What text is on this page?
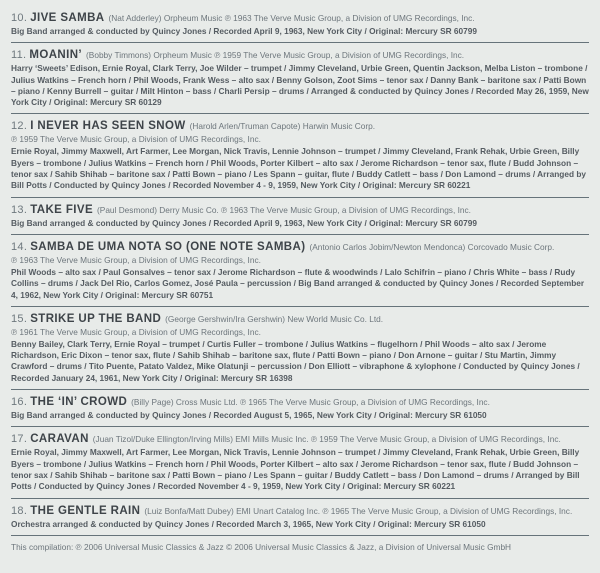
10. JIVE SAMBA (Nat Adderley) Orpheum Music ℗ 1963 The Verve Music Group, a Division of UMG Recordings, Inc.
Big Band arranged & conducted by Quincy Jones / Recorded April 9, 1963, New York City / Original: Mercury SR 60799
11. MOANIN’ (Bobby Timmons) Orpheum Music ℗ 1959 The Verve Music Group, a Division of UMG Recordings, Inc.
Harry ‘Sweets’ Edison, Ernie Royal, Clark Terry, Joe Wilder – trumpet / Jimmy Cleveland, Urbie Green, Quentin Jackson, Melba Liston – trombone / Julius Watkins – French horn / Phil Woods, Frank Wess – alto sax / Benny Golson, Zoot Sims – tenor sax / Danny Bank – baritone sax / Patti Bown – piano / Kenny Burrell – guitar / Milt Hinton – bass / Charli Persip – drums / Arranged & conducted by Quincy Jones / Recorded May 26, 1959, New York City / Original: Mercury SR 60129
12. I NEVER HAS SEEN SNOW (Harold Arlen/Truman Capote) Harwin Music Corp.
℗ 1959 The Verve Music Group, a Division of UMG Recordings, Inc.
Ernie Royal, Jimmy Maxwell, Art Farmer, Lee Morgan, Nick Travis, Lennie Johnson – trumpet / Jimmy Cleveland, Frank Rehak, Urbie Green, Billy Byers – trombone / Julius Watkins – French horn / Phil Woods, Porter Kilbert – alto sax / Jerome Richardson – tenor sax, flute / Budd Johnson – tenor sax / Sahib Shihab – baritone sax / Patti Bown – piano / Les Spann – guitar, flute / Buddy Catlett – bass / Don Lamond – drums / Arranged by Bill Potts / Conducted by Quincy Jones / Recorded November 4 - 9, 1959, New York City / Original: Mercury SR 60221
13. TAKE FIVE (Paul Desmond) Derry Music Co. ℗ 1963 The Verve Music Group, a Division of UMG Recordings, Inc.
Big Band arranged & conducted by Quincy Jones / Recorded April 9, 1963, New York City / Original: Mercury SR 60799
14. SAMBA DE UMA NOTA SO (ONE NOTE SAMBA) (Antonio Carlos Jobim/Newton Mendonca) Corcovado Music Corp.
℗ 1963 The Verve Music Group, a Division of UMG Recordings, Inc.
Phil Woods – alto sax / Paul Gonsalves – tenor sax / Jerome Richardson – flute & woodwinds / Lalo Schifrin – piano / Chris White – bass / Rudy Collins – drums / Jack Del Rio, Carlos Gomez, José Paula – percussion / Big Band arranged & conducted by Quincy Jones / Recorded September 4, 1962, New York City / Original: Mercury SR 60751
15. STRIKE UP THE BAND (George Gershwin/Ira Gershwin) New World Music Co. Ltd.
℗ 1961 The Verve Music Group, a Division of UMG Recordings, Inc.
Benny Bailey, Clark Terry, Ernie Royal – trumpet / Curtis Fuller – trombone / Julius Watkins – flugelhorn / Phil Woods – alto sax / Jerome Richardson, Eric Dixon – tenor sax, flute / Sahib Shihab – baritone sax, flute / Patti Bown – piano / Don Arnone – guitar / Stu Martin, Jimmy Crawford – drums / Tito Puente, Patato Valdez, Mike Olatunji – percussion / Don Elliott – vibraphone & xylophone / Conducted by Quincy Jones / Recorded January 24, 1961, New York City / Original: Mercury SR 16398
16. THE ‘IN’ CROWD (Billy Page) Cross Music Ltd. ℗ 1965 The Verve Music Group, a Division of UMG Recordings, Inc.
Big Band arranged & conducted by Quincy Jones / Recorded August 5, 1965, New York City / Original: Mercury SR 61050
17. CARAVAN (Juan Tizol/Duke Ellington/Irving Mills) EMI Mills Music Inc. ℗ 1959 The Verve Music Group, a Division of UMG Recordings, Inc.
Ernie Royal, Jimmy Maxwell, Art Farmer, Lee Morgan, Nick Travis, Lennie Johnson – trumpet / Jimmy Cleveland, Frank Rehak, Urbie Green, Billy Byers – trombone / Julius Watkins – French horn / Phil Woods, Porter Kilbert – alto sax / Jerome Richardson – tenor sax, flute / Budd Johnson – tenor sax / Sahib Shihab – baritone sax / Patti Bown – piano / Les Spann – guitar / Buddy Catlett – bass / Don Lamond – drums / Arranged by Bill Potts / Conducted by Quincy Jones / Recorded November 4 - 9, 1959, New York City / Original: Mercury SR 60221
18. THE GENTLE RAIN (Luiz Bonfa/Matt Dubey) EMI Unart Catalog Inc. ℗ 1965 The Verve Music Group, a Division of UMG Recordings, Inc.
Orchestra arranged & conducted by Quincy Jones / Recorded March 3, 1965, New York City / Original: Mercury SR 61050
This compilation: ℗ 2006 Universal Music Classics & Jazz © 2006 Universal Music Classics & Jazz, a Division of Universal Music GmbH
